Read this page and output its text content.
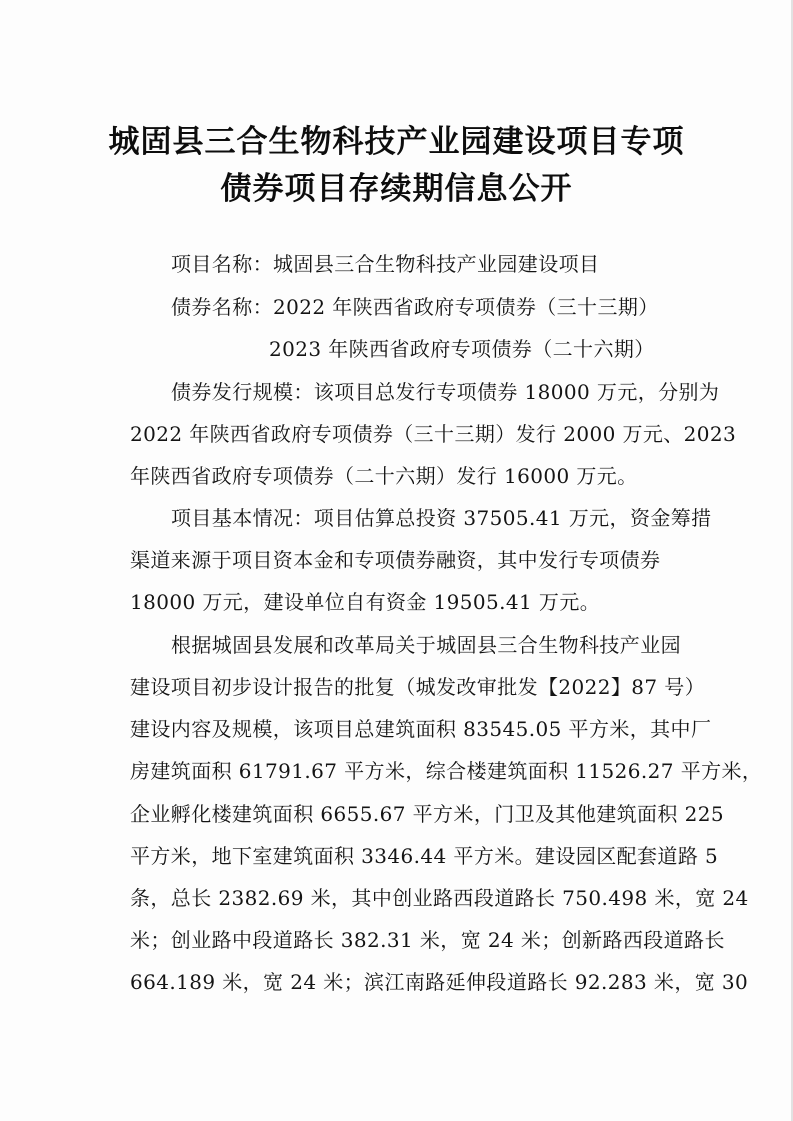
城固县三合生物科技产业园建设项目专项
债券项目存续期信息公开
项目名称：城固县三合生物科技产业园建设项目
债券名称：2022 年陕西省政府专项债券（三十三期）
2023 年陕西省政府专项债券（二十六期）
债券发行规模：该项目总发行专项债券 18000 万元，分别为
2022 年陕西省政府专项债券（三十三期）发行 2000 万元、2023
年陕西省政府专项债券（二十六期）发行 16000 万元。
项目基本情况：项目估算总投资 37505.41 万元，资金筹措
渠道来源于项目资本金和专项债券融资，其中发行专项债券
18000 万元，建设单位自有资金 19505.41 万元。
根据城固县发展和改革局关于城固县三合生物科技产业园
建设项目初步设计报告的批复（城发改审批发【2022】87 号）
建设内容及规模，该项目总建筑面积 83545.05 平方米，其中厂
房建筑面积 61791.67 平方米，综合楼建筑面积 11526.27 平方米，
企业孵化楼建筑面积 6655.67 平方米，门卫及其他建筑面积 225
平方米，地下室建筑面积 3346.44 平方米。建设园区配套道路 5
条，总长 2382.69 米，其中创业路西段道路长 750.498 米，宽 24
米；创业路中段道路长 382.31 米，宽 24 米；创新路西段道路长
664.189 米，宽 24 米；滨江南路延伸段道路长 92.283 米，宽 30
